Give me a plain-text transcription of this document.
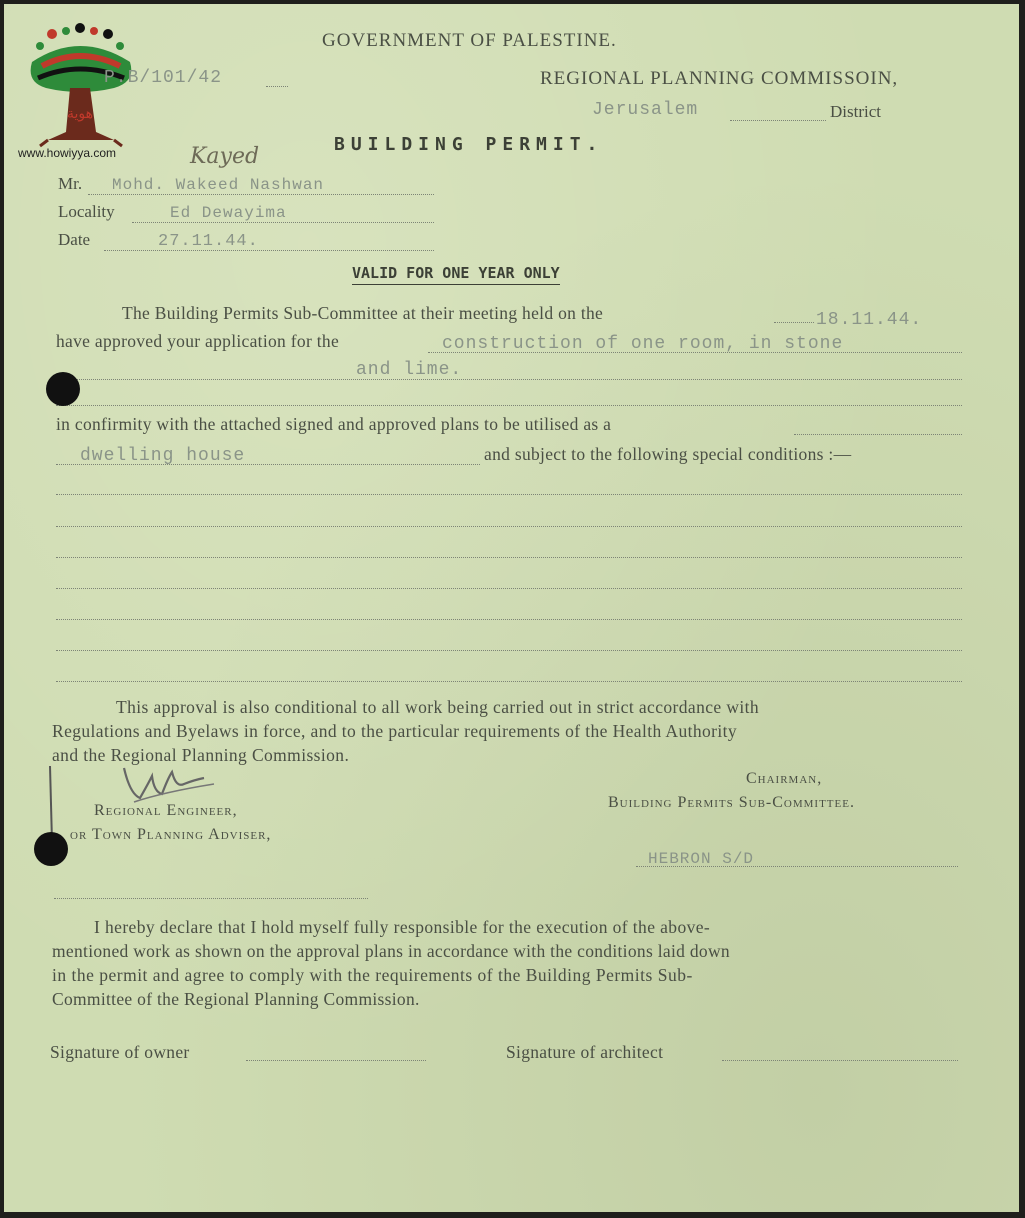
هوية
www.howiyya.com
GOVERNMENT OF PALESTINE.
P.B/101/42	REGIONAL PLANNING COMMISSOIN,
Jerusalem	District
BUILDING PERMIT.
Kayed
Mr. Mohd. Wakeed Nashwan
Locality	Ed Dewayima
Date	27.11.44.
VALID FOR ONE YEAR ONLY
The Building Permits Sub-Committee at their meeting held on the	18.11.44.
have approved your application for the	construction of one room, in stone
and lime.
in confirmity with the attached signed and approved plans to be utilised as a
dwelling house	and subject to the following special conditions :—
This approval is also conditional to all work being carried out in strict accordance with
Regulations and Byelaws in force, and to the particular requirements of the Health Authority
and the Regional Planning Commission.
Chairman,
Building Permits Sub-Committee.
Regional Engineer,
or Town Planning Adviser,
HEBRON S/D
I hereby declare that I hold myself fully responsible for the execution of the above-
mentioned work as shown on the approval plans in accordance with the conditions laid down
in the permit and agree to comply with the requirements of the Building Permits Sub-
Committee of the Regional Planning Commission.
Signature of owner	Signature of architect
